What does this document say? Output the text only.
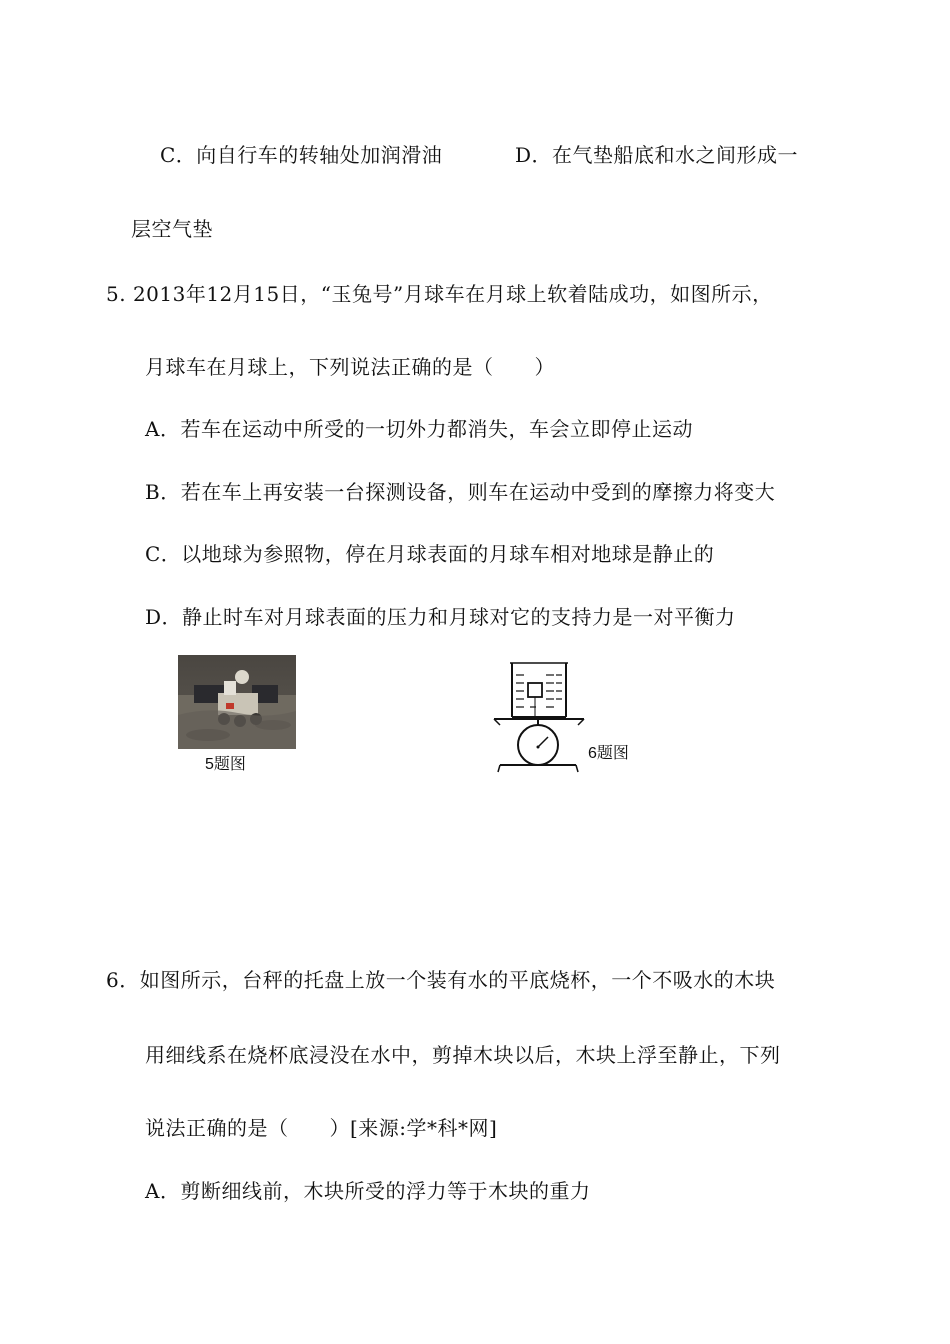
C．向自行车的转轴处加润滑油	D．在气垫船底和水之间形成一
层空气垫
5. 2013年12月15日，“玉兔号”月球车在月球上软着陆成功，如图所示，
月球车在月球上，下列说法正确的是（　　）
A．若车在运动中所受的一切外力都消失，车会立即停止运动
B．若在车上再安装一台探测设备，则车在运动中受到的摩擦力将变大
C．以地球为参照物，停在月球表面的月球车相对地球是静止的
D．静止时车对月球表面的压力和月球对它的支持力是一对平衡力
5题图
6题图
6．如图所示，台秤的托盘上放一个装有水的平底烧杯，一个不吸水的木块
用细线系在烧杯底浸没在水中，剪掉木块以后，木块上浮至静止，下列
说法正确的是（　　）[来源:学*科*网]
A．剪断细线前，木块所受的浮力等于木块的重力
